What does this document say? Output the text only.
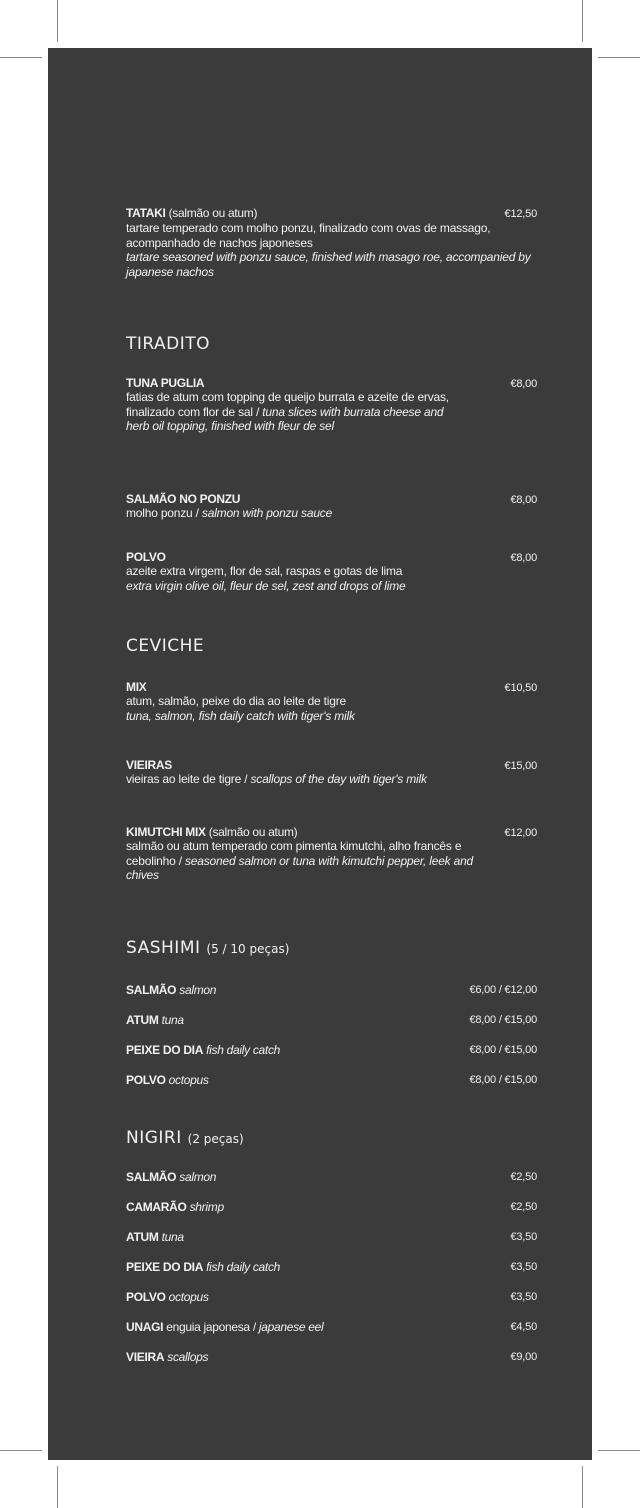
TATAKI (salmão ou atum)
tartare temperado com molho ponzu, finalizado com ovas de massago, acompanhado de nachos japoneses
tartare seasoned with ponzu sauce, finished with masago roe, accompanied by japanese nachos
€12,50
TIRADITO
TUNA PUGLIA
fatias de atum com topping de queijo burrata e azeite de ervas, finalizado com flor de sal / tuna slices with burrata cheese and herb oil topping, finished with fleur de sel
€8,00
SALMÃO NO PONZU
molho ponzu / salmon with ponzu sauce
€8,00
POLVO
azeite extra virgem, flor de sal, raspas e gotas de lima
extra virgin olive oil, fleur de sel, zest and drops of lime
€8,00
CEVICHE
MIX
atum, salmão, peixe do dia ao leite de tigre
tuna, salmon, fish daily catch with tiger's milk
€10,50
VIEIRAS
vieiras ao leite de tigre / scallops of the day with tiger's milk
€15,00
KIMUTCHI MIX (salmão ou atum)
salmão ou atum temperado com pimenta kimutchi, alho francês e cebolinho / seasoned salmon or tuna with kimutchi pepper, leek and chives
€12,00
SASHIMI (5 / 10 peças)
SALMÃO salmon	€6,00 / €12,00
ATUM tuna	€8,00 / €15,00
PEIXE DO DIA fish daily catch	€8,00 / €15,00
POLVO octopus	€8,00 / €15,00
NIGIRI (2 peças)
SALMÃO salmon	€2,50
CAMARÃO shrimp	€2,50
ATUM tuna	€3,50
PEIXE DO DIA fish daily catch	€3,50
POLVO octopus	€3,50
UNAGI enguia japonesa / japanese eel	€4,50
VIEIRA scallops	€9,00
